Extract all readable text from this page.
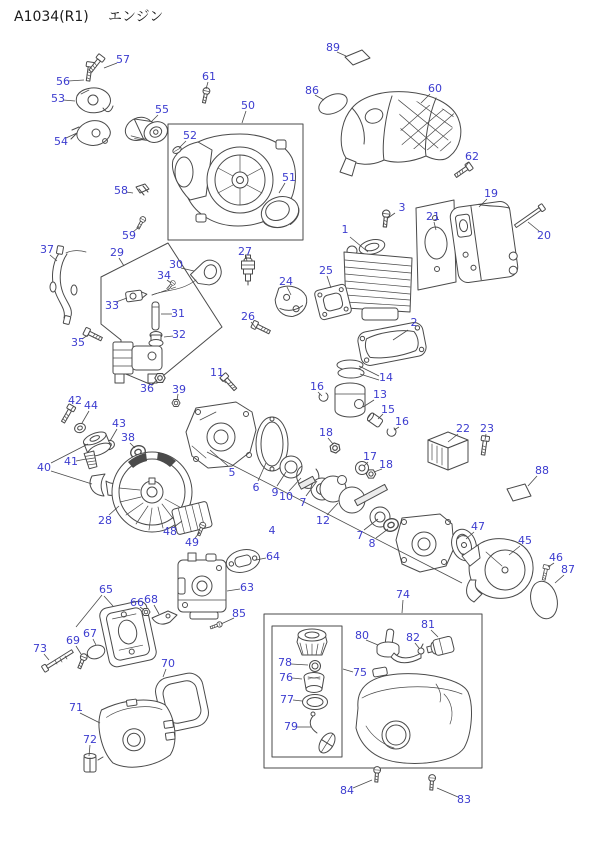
A1034(R1) エンジン
1
2
3
4
5
6
7
7
8
9 10
11
12
13
14
15
16
16
17
18
18
19
20
21
22 23
24
25
26
27
28
29
30
31
32
33
34
35
36
37
38
39
40 41
42
43
44
45
46
47
48
49
50
51
52
53
54
55
56
57
58
59
60
61
62
63
64
65
66
67
68
69
70
71
72
73
74
75
76
77
78
79
80
81
82
83
84
85
86
87
88
89
